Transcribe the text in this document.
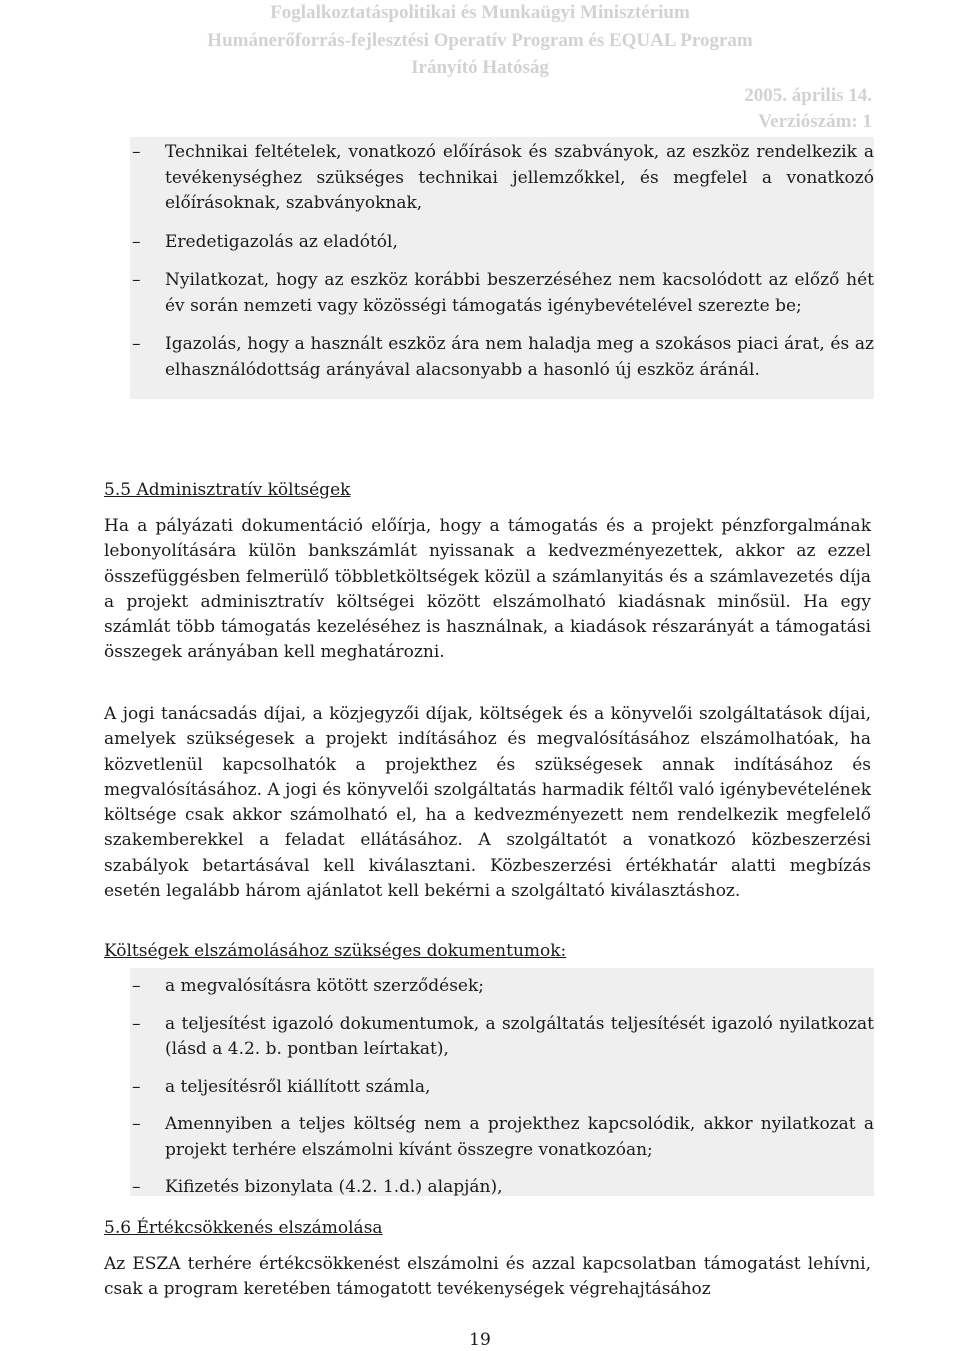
Foglalkoztatáspolitikai és Munkaügyi Minisztérium
Humánerőforrás-fejlesztési Operatív Program és EQUAL Program
Irányító Hatóság
2005. április 14.
Verziószám: 1
– Technikai feltételek, vonatkozó előírások és szabványok, az eszköz rendelkezik a tevékenységhez szükséges technikai jellemzőkkel, és megfelel a vonatkozó előírásoknak, szabványoknak,
– Eredetigazolás az eladótól,
– Nyilatkozat, hogy az eszköz korábbi beszerzéséhez nem kacsolódott az előző hét év során nemzeti vagy közösségi támogatás igénybevételével szerezte be;
– Igazolás, hogy a használt eszköz ára nem haladja meg a szokásos piaci árat, és az elhasználódottság arányával alacsonyabb a hasonló új eszköz áránál.

5.5 Adminisztratív költségek

Ha a pályázati dokumentáció előírja, hogy a támogatás és a projekt pénzforgalmának lebonyolítására külön bankszámlát nyissanak a kedvezményezettek, akkor az ezzel összefüggésben felmerülő többletköltségek közül a számlanyitás és a számlavezetés díja a projekt adminisztratív költségei között elszámolható kiadásnak minősül. Ha egy számlát több támogatás kezeléséhez is használnak, a kiadások részarányát a támogatási összegek arányában kell meghatározni.

A jogi tanácsadás díjai, a közjegyzői díjak, költségek és a könyvelői szolgáltatások díjai, amelyek szükségesek a projekt indításához és megvalósításához elszámolhatóak, ha közvetlenül kapcsolhatók a projekthez és szükségesek annak indításához és megvalósításához. A jogi és könyvelői szolgáltatás harmadik féltől való igénybevételének költsége csak akkor számolható el, ha a kedvezményezett nem rendelkezik megfelelő szakemberekkel a feladat ellátásához. A szolgáltatót a vonatkozó közbeszerzési szabályok betartásával kell kiválasztani. Közbeszerzési értékhatár alatti megbízás esetén legalább három ajánlatot kell bekérni a szolgáltató kiválasztáshoz.

Költségek elszámolásához szükséges dokumentumok:

– a megvalósításra kötött szerződések;
– a teljesítést igazoló dokumentumok, a szolgáltatás teljesítését igazoló nyilatkozat (lásd a 4.2. b. pontban leírtakat),
– a teljesítésről kiállított számla,
– Amennyiben a teljes költség nem a projekthez kapcsolódik, akkor nyilatkozat a projekt terhére elszámolni kívánt összegre vonatkozóan;
– Kifizetés bizonylata (4.2. 1.d.) alapján),

5.6 Értékcsökkenés elszámolása

Az ESZA terhére értékcsökkenést elszámolni és azzal kapcsolatban támogatást lehívni, csak a program keretében támogatott tevékenységek végrehajtásához

19
